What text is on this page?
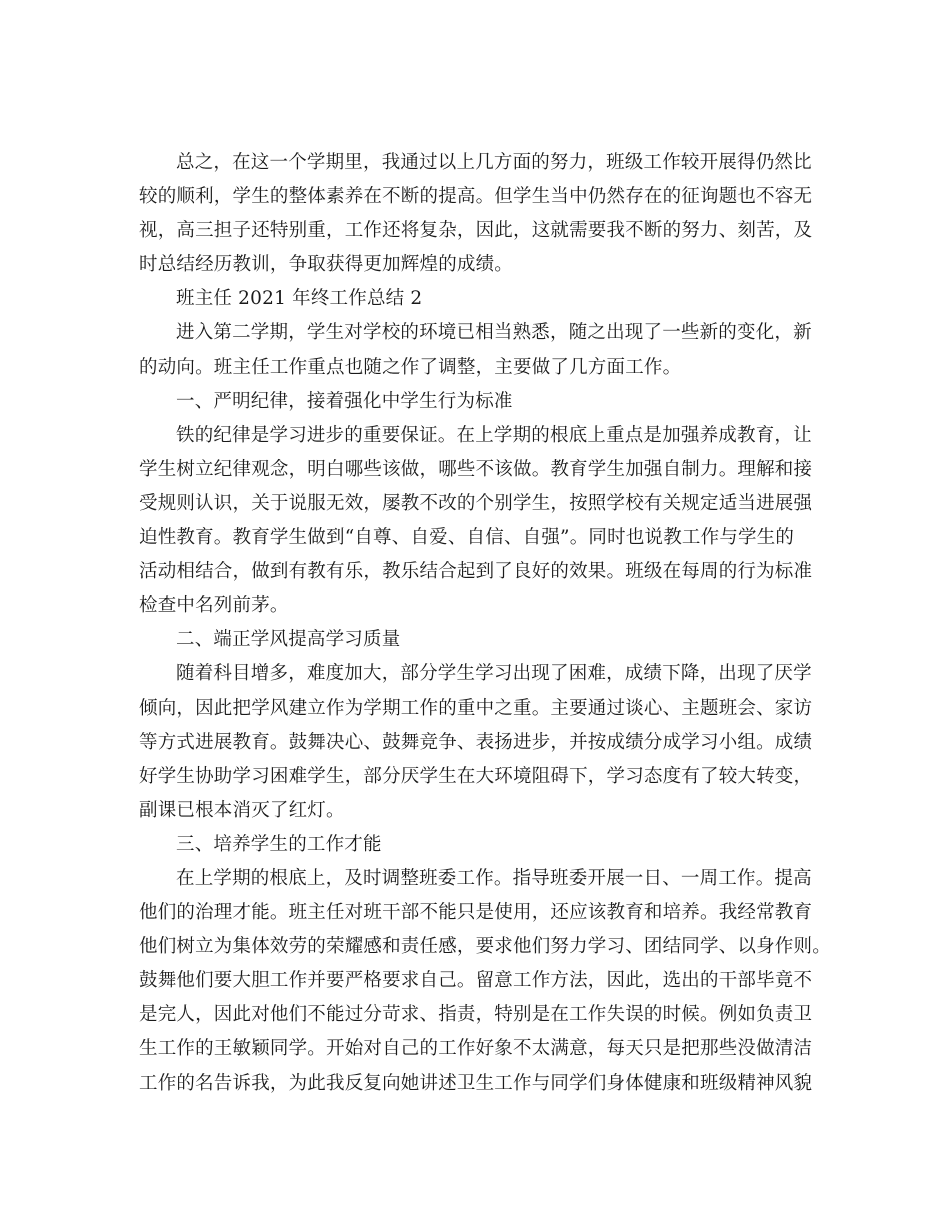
总之，在这一个学期里，我通过以上几方面的努力，班级工作较开展得仍然比
较的顺利，学生的整体素养在不断的提高。但学生当中仍然存在的征询题也不容无
视，高三担子还特别重，工作还将复杂，因此，这就需要我不断的努力、刻苦，及
时总结经历教训，争取获得更加辉煌的成绩。
班主任 2021 年终工作总结 2
进入第二学期，学生对学校的环境已相当熟悉，随之出现了一些新的变化，新
的动向。班主任工作重点也随之作了调整，主要做了几方面工作。
一、严明纪律，接着强化中学生行为标准
铁的纪律是学习进步的重要保证。在上学期的根底上重点是加强养成教育，让
学生树立纪律观念，明白哪些该做，哪些不该做。教育学生加强自制力。理解和接
受规则认识，关于说服无效，屡教不改的个别学生，按照学校有关规定适当进展强
迫性教育。教育学生做到“自尊、自爱、自信、自强”。同时也说教工作与学生的
活动相结合，做到有教有乐，教乐结合起到了良好的效果。班级在每周的行为标准
检查中名列前茅。
二、端正学风提高学习质量
随着科目增多，难度加大，部分学生学习出现了困难，成绩下降，出现了厌学
倾向，因此把学风建立作为学期工作的重中之重。主要通过谈心、主题班会、家访
等方式进展教育。鼓舞决心、鼓舞竞争、表扬进步，并按成绩分成学习小组。成绩
好学生协助学习困难学生，部分厌学生在大环境阻碍下，学习态度有了较大转变，
副课已根本消灭了红灯。
三、培养学生的工作才能
在上学期的根底上，及时调整班委工作。指导班委开展一日、一周工作。提高
他们的治理才能。班主任对班干部不能只是使用，还应该教育和培养。我经常教育
他们树立为集体效劳的荣耀感和责任感，要求他们努力学习、团结同学、以身作则。
鼓舞他们要大胆工作并要严格要求自己。留意工作方法，因此，选出的干部毕竟不
是完人，因此对他们不能过分苛求、指责，特别是在工作失误的时候。例如负责卫
生工作的王敏颖同学。开始对自己的工作好象不太满意，每天只是把那些没做清洁
工作的名告诉我，为此我反复向她讲述卫生工作与同学们身体健康和班级精神风貌
